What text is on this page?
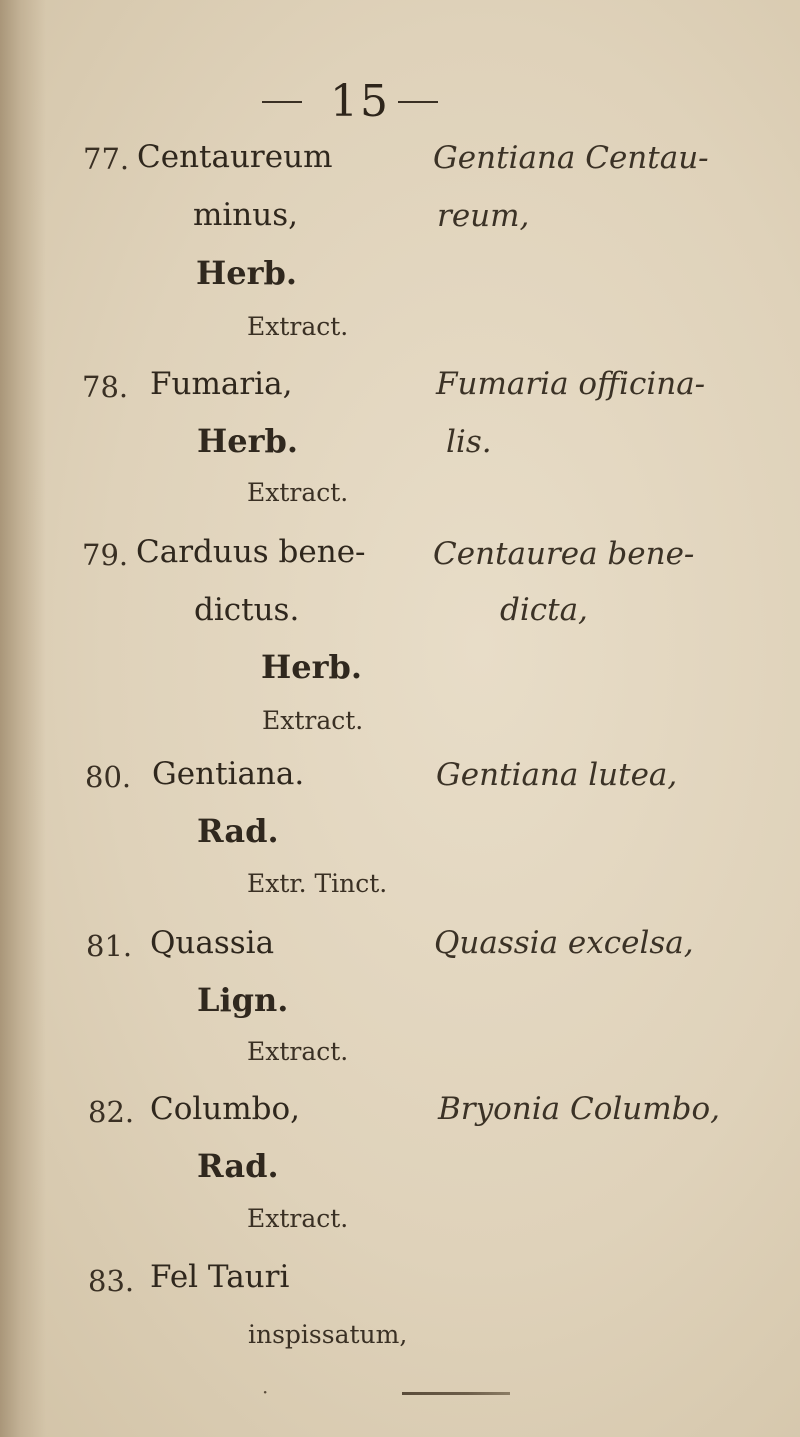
15
77. Centaureum
minus,
Herb.
Extract.
Gentiana Centau-
reum,
78. Fumaria,
Herb.
Extract.
Fumaria officina-
lis.
79. Carduus bene-
dictus.
Herb.
Extract.
Centaurea bene-
dicta,
80. Gentiana.
Rad.
Extr. Tinct.
Gentiana lutea,
81. Quassia
Lign.
Extract.
Quassia excelsa,
82. Columbo,
Rad.
Extract.
Bryonia Columbo,
83. Fel Tauri
inspissatum,
·
